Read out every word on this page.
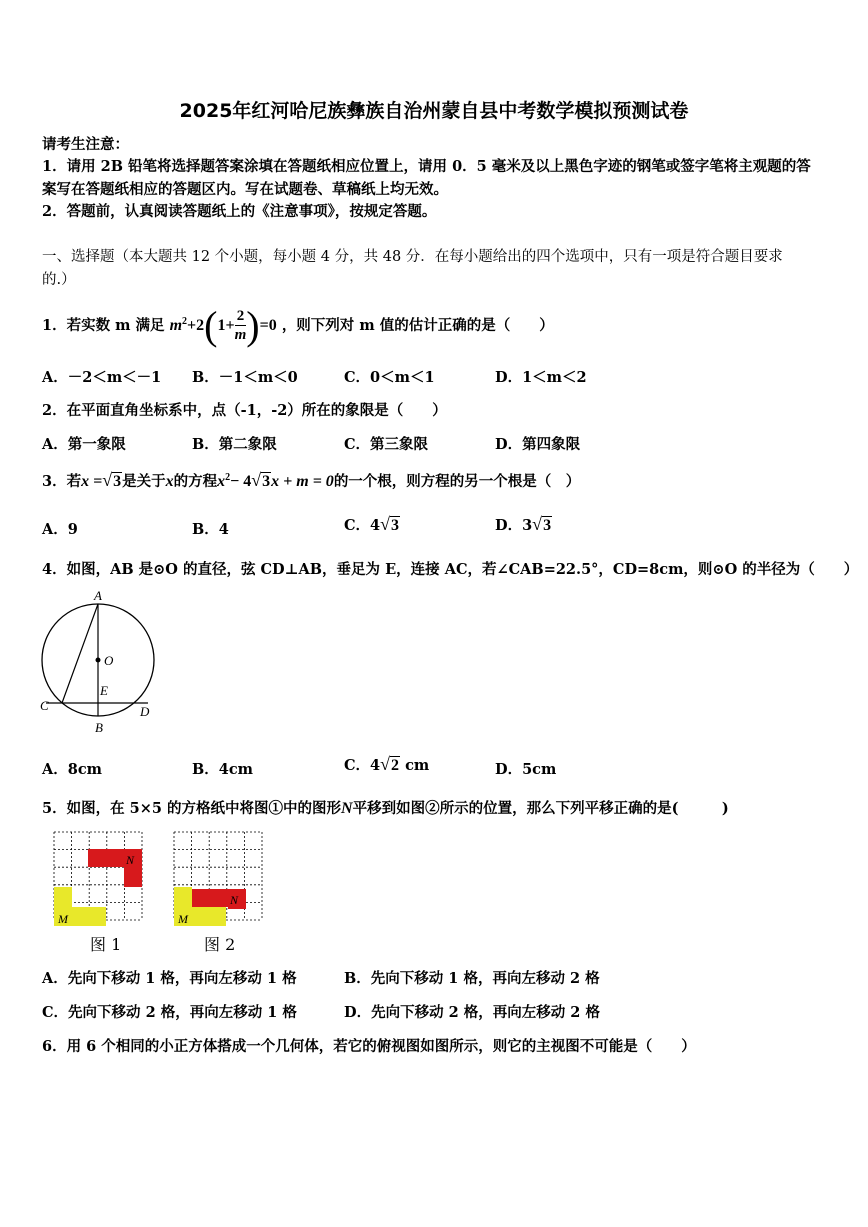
2025年红河哈尼族彝族自治州蒙自县中考数学模拟预测试卷
请考生注意：
1．请用 2B 铅笔将选择题答案涂填在答题纸相应位置上，请用 0．5 毫米及以上黑色字迹的钢笔或签字笔将主观题的答
案写在答题纸相应的答题区内。写在试题卷、草稿纸上均无效。
2．答题前，认真阅读答题纸上的《注意事项》，按规定答题。
一、选择题（本大题共 12 个小题，每小题 4 分，共 48 分．在每小题给出的四个选项中，只有一项是符合题目要求
的.）
1．若实数 m 满足 $m^2+2(1+ \frac{2}{m} )=0$ ，则下列对 m 值的估计正确的是（　　）
A．－2＜m＜－1 B．－1＜m＜0	C．0＜m＜1	D．1＜m＜2
2．在平面直角坐标系中，点（-1，-2）所在的象限是（　　）
A．第一象限	B．第二象限	C．第三象限	D．第四象限
3．若x =√3是关于x的方程$x^2- 4√3x + m = 0$的一个根，则方程的另一个根是（　）
A．9	B．4	C．4√3	D．3√3
4．如图，AB 是⊙O 的直径，弦 CD⊥AB，垂足为 E，连接 AC，若∠CAB=22.5°，CD=8cm，则⊙O 的半径为（　　）
A
O
E
C	D
B
A．8cm	B．4cm	C．4√2 cm	D．5cm
5．如图，在 5×5 的方格纸中将图①中的图形N平移到如图②所示的位置，那么下列平移正确的是(　　　)
N
M
图 1
N
M
图 2
A．先向下移动 1 格，再向左移动 1 格	B．先向下移动 1 格，再向左移动 2 格
C．先向下移动 2 格，再向左移动 1 格	D．先向下移动 2 格，再向左移动 2 格
6．用 6 个相同的小正方体搭成一个几何体，若它的俯视图如图所示，则它的主视图不可能是（　　）
